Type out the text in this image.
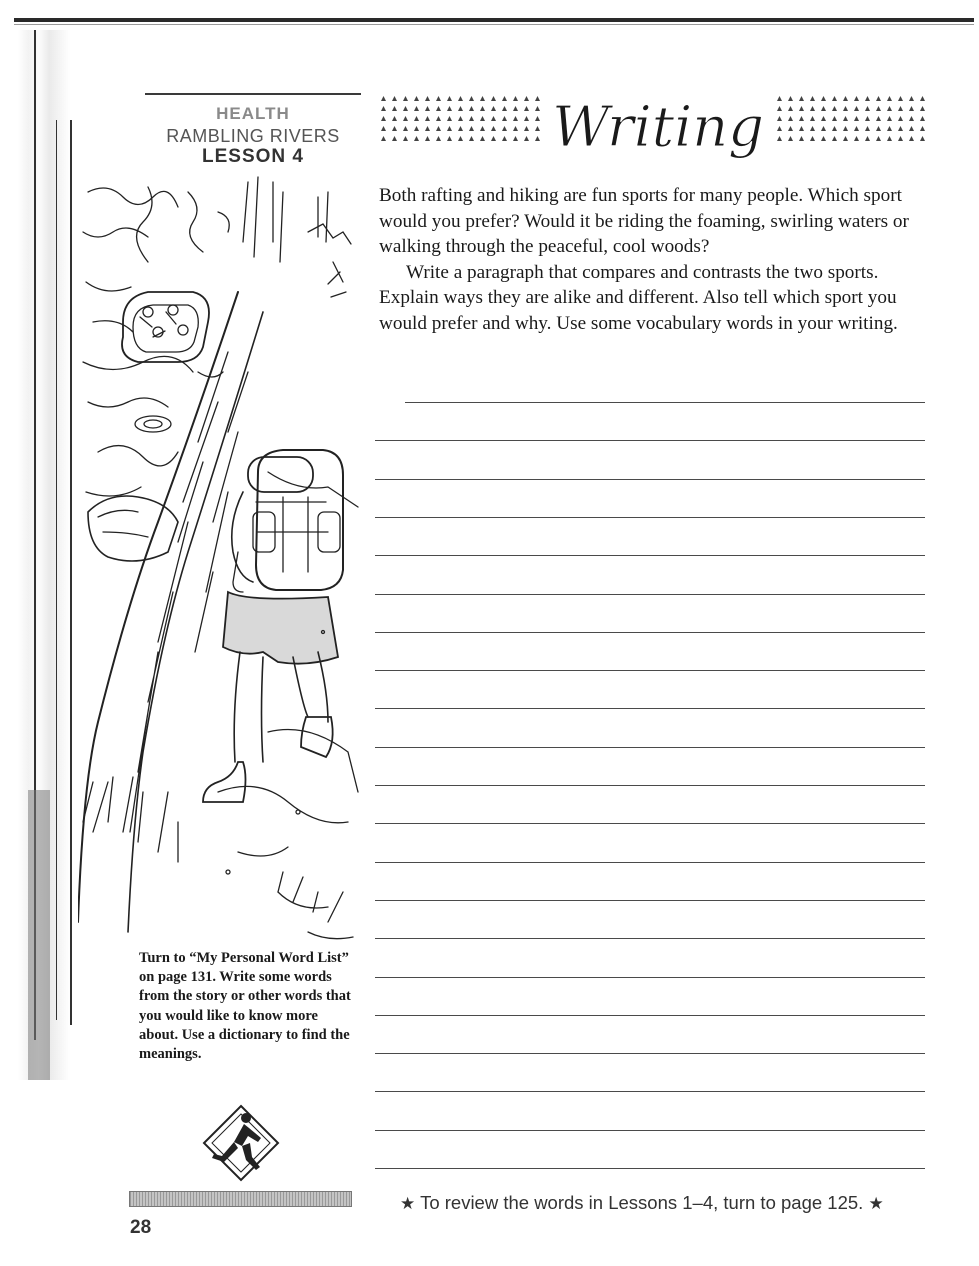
HEALTH
RAMBLING RIVERS
LESSON 4
Turn to “My Personal Word List” on page 131. Write some words from the story or other words that you would like to know more about. Use a dictionary to find the meanings.
28
Writing

Both rafting and hiking are fun sports for many people. Which sport would you prefer? Would it be riding the foaming, swirling waters or walking through the peaceful, cool woods?

Write a paragraph that compares and contrasts the two sports. Explain ways they are alike and different. Also tell which sport you would prefer and why. Use some vocabulary words in your writing.

★ To review the words in Lessons 1–4, turn to page 125. ★
